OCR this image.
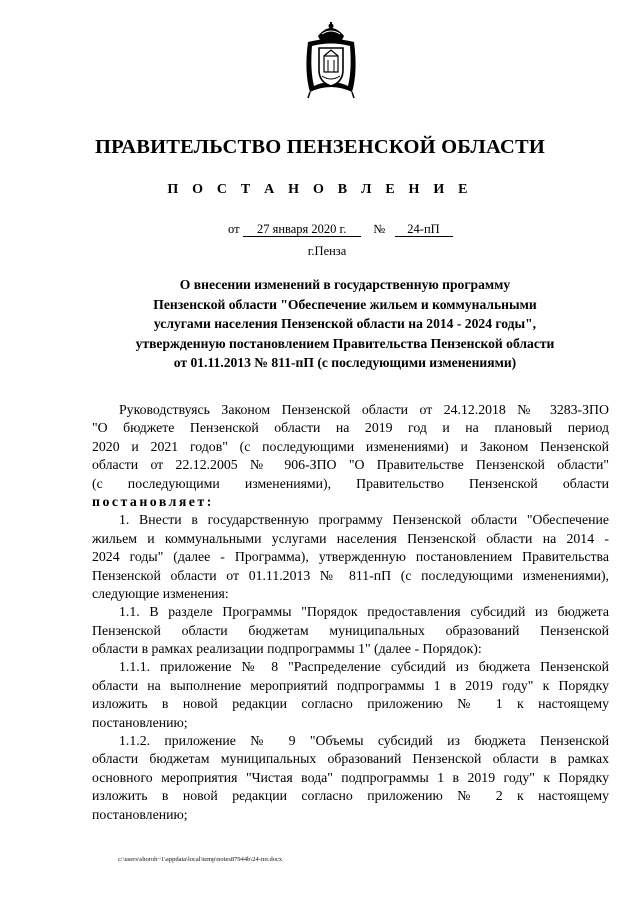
ПРАВИТЕЛЬСТВО ПЕНЗЕНСКОЙ ОБЛАСТИ
П О С Т А Н О В Л Е Н И Е
от 27 января 2020 г. № 24-пП
г.Пенза
О внесении изменений в государственную программу
Пензенской области "Обеспечение жильем и коммунальными
услугами населения Пензенской области на 2014 - 2024 годы",
утвержденную постановлением Правительства Пензенской области
от 01.11.2013 № 811-пП (с последующими изменениями)
Руководствуясь Законом Пензенской области от 24.12.2018 № 3283-ЗПО
"О бюджете Пензенской области на 2019 год и на плановый период
2020 и 2021 годов" (с последующими изменениями) и Законом Пензенской
области от 22.12.2005 № 906-ЗПО "О Правительстве Пензенской области"
(с последующими изменениями), Правительство Пензенской области
постановляет:
1. Внести в государственную программу Пензенской области "Обеспечение
жильем и коммунальными услугами населения Пензенской области на 2014 -
2024 годы" (далее - Программа), утвержденную постановлением Правительства
Пензенской области от 01.11.2013 № 811-пП (с последующими изменениями),
следующие изменения:
1.1. В разделе Программы "Порядок предоставления субсидий из бюджета
Пензенской области бюджетам муниципальных образований Пензенской
области в рамках реализации подпрограммы 1" (далее - Порядок):
1.1.1. приложение № 8 "Распределение субсидий из бюджета Пензенской
области на выполнение мероприятий подпрограммы 1 в 2019 году" к Порядку
изложить в новой редакции согласно приложению № 1 к настоящему
постановлению;
1.1.2. приложение № 9 "Объемы субсидий из бюджета Пензенской
области бюджетам муниципальных образований Пензенской области в рамках
основного мероприятия "Чистая вода" подпрограммы 1 в 2019 году" к Порядку
изложить в новой редакции согласно приложению № 2 к настоящему
постановлению;
c:\users\shoroh~1\appdata\local\temp\notes87944b\24-пп.docx
